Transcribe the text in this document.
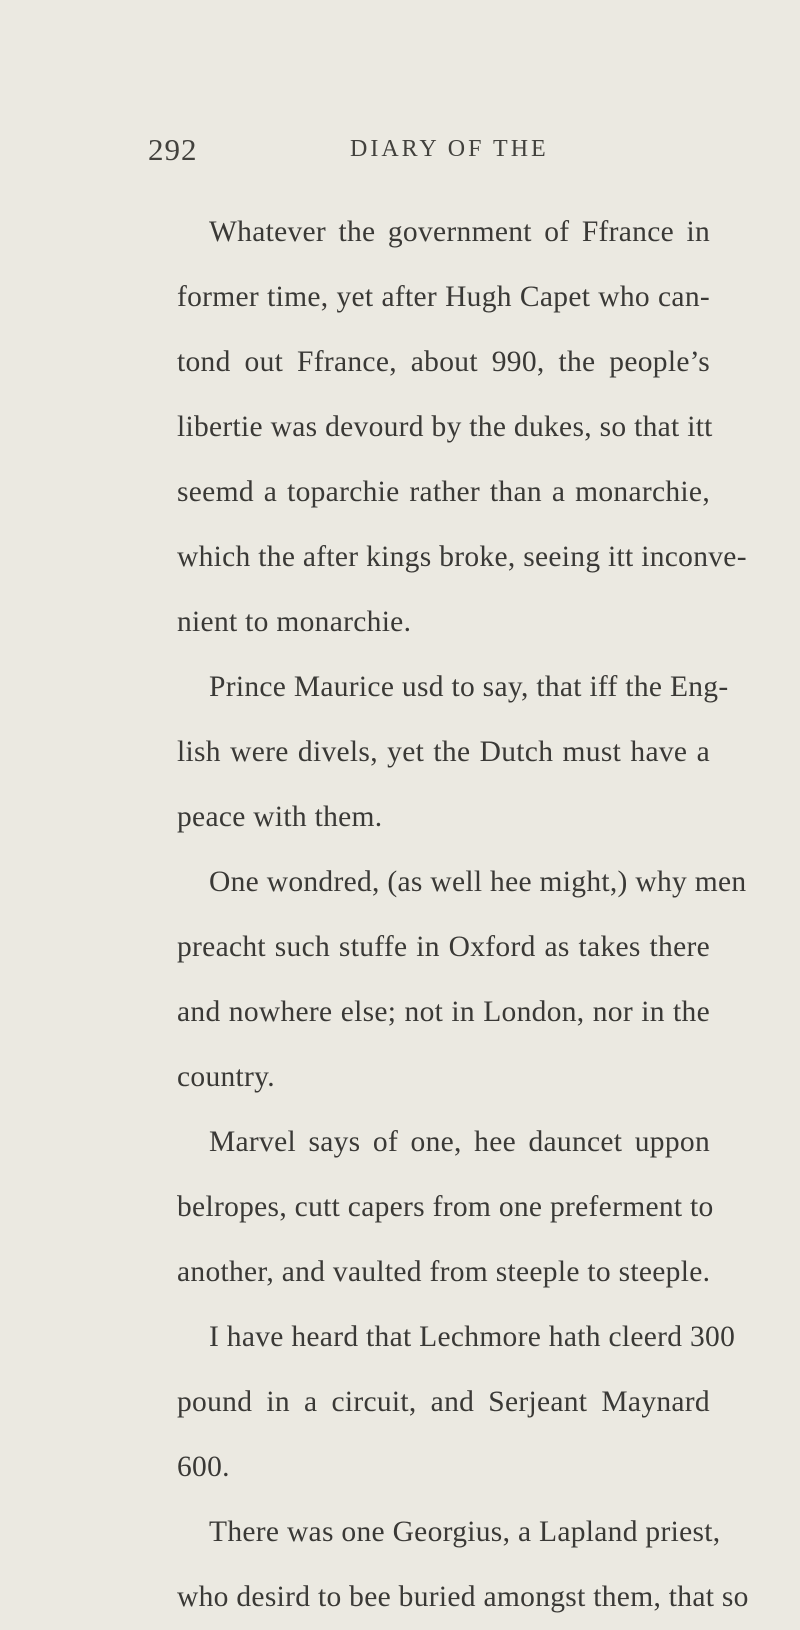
292	DIARY OF THE
Whatever the government of Ffrance in
former time, yet after Hugh Capet who can-
tond out Ffrance, about 990, the people’s
libertie was devourd by the dukes, so that itt
seemd a toparchie rather than a monarchie,
which the after kings broke, seeing itt inconve-
nient to monarchie.
Prince Maurice usd to say, that iff the Eng-
lish were divels, yet the Dutch must have a
peace with them.
One wondred, (as well hee might,) why men
preacht such stuffe in Oxford as takes there
and nowhere else; not in London, nor in the
country.
Marvel says of one, hee dauncet uppon
belropes, cutt capers from one preferment to
another, and vaulted from steeple to steeple.
I have heard that Lechmore hath cleerd 300
pound in a circuit, and Serjeant Maynard
600.
There was one Georgius, a Lapland priest,
who desird to bee buried amongst them, that so
